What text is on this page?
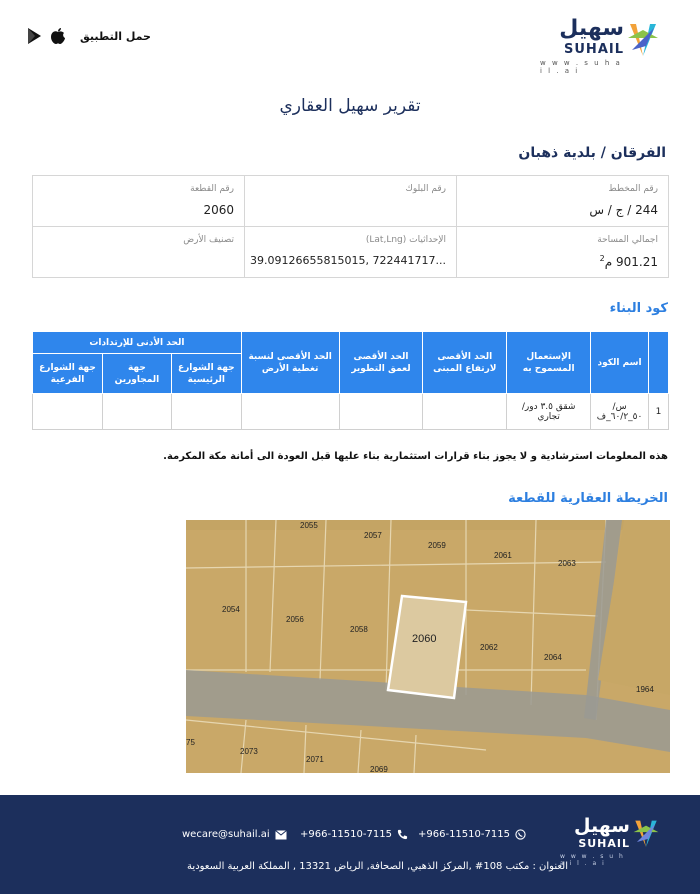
سهيل
SUHAIL
w w w . s u h a i l . a i
حمل التطبيق
تقرير سهيل العقاري
الفرقان / بلدية ذهبان
رقم المخطط
244 / ج / س
رقم البلوك
رقم القطعة
2060
اجمالي المساحة
901.21 م$^2$
الإحداثيات (Lat,Lng)
39.09126655815015, 722441717...
تصنيف الأرض
كود البناء
	اسم الكود	الإستعمال المسموح به	الحد الأقصى لارتفاع المبنى	الحد الأقصى لعمق التطوير	الحد الأقصى لنسبة تغطية الأرض	الحد الأدنى للإرتدادات		
						جهة الشوارع الرئيسية	جهة المجاورين	جهة الشوارع الفرعية
1	س/٥٠_٦٠/٢_ف	شقق ٣.٥ دور/ تجاري						
هذه المعلومات استرشادية و لا يجوز بناء قرارات استثمارية بناء عليها قبل العودة الى أمانة مكة المكرمة.
الخريطة العقارية للقطعة
2055
2057
2059
2061
2063
2054
2056
2058
2062
2064
1964
2073
2071
2069
75
2060
سهيل
SUHAIL
w w w . s u h a i l . a i
+966-11510-7115
+966-11510-7115
wecare@suhail.ai
العنوان : مكتب 108# ,المركز الذهبي, الصحافة, الرياض 13321 , المملكة العربية السعودية
